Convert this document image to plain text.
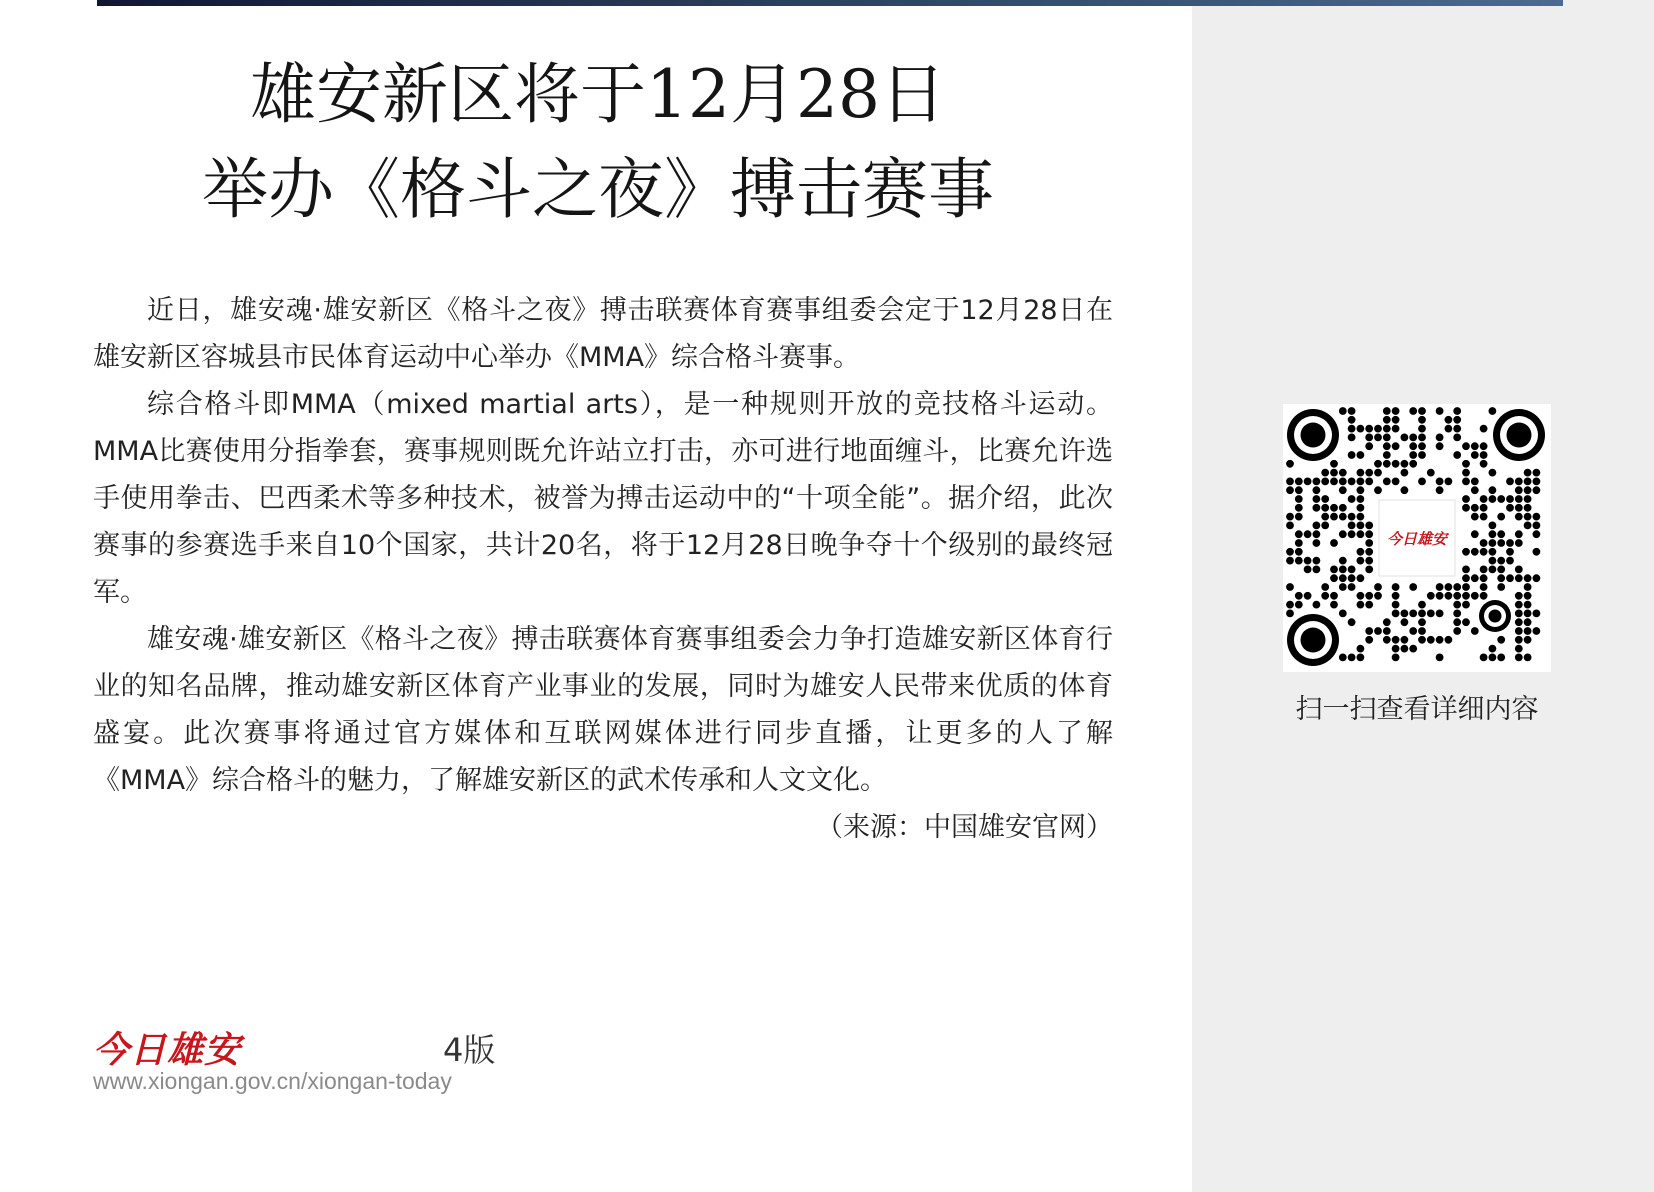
雄安新区将于12月28日
举办《格斗之夜》搏击赛事

近日，雄安魂·雄安新区《格斗之夜》搏击联赛体育赛事组委会定于12月28日在雄安新区容城县市民体育运动中心举办《MMA》综合格斗赛事。

综合格斗即MMA（mixed martial arts），是一种规则开放的竞技格斗运动。MMA比赛使用分指拳套，赛事规则既允许站立打击，亦可进行地面缠斗，比赛允许选手使用拳击、巴西柔术等多种技术，被誉为搏击运动中的“十项全能”。据介绍，此次赛事的参赛选手来自10个国家，共计20名，将于12月28日晚争夺十个级别的最终冠军。

雄安魂·雄安新区《格斗之夜》搏击联赛体育赛事组委会力争打造雄安新区体育行业的知名品牌，推动雄安新区体育产业事业的发展，同时为雄安人民带来优质的体育盛宴。此次赛事将通过官方媒体和互联网媒体进行同步直播，让更多的人了解《MMA》综合格斗的魅力，了解雄安新区的武术传承和人文文化。

（来源：中国雄安官网）

今日雄安	4版
www.xiongan.gov.cn/xiongan-today
今日雄安
扫一扫查看详细内容
